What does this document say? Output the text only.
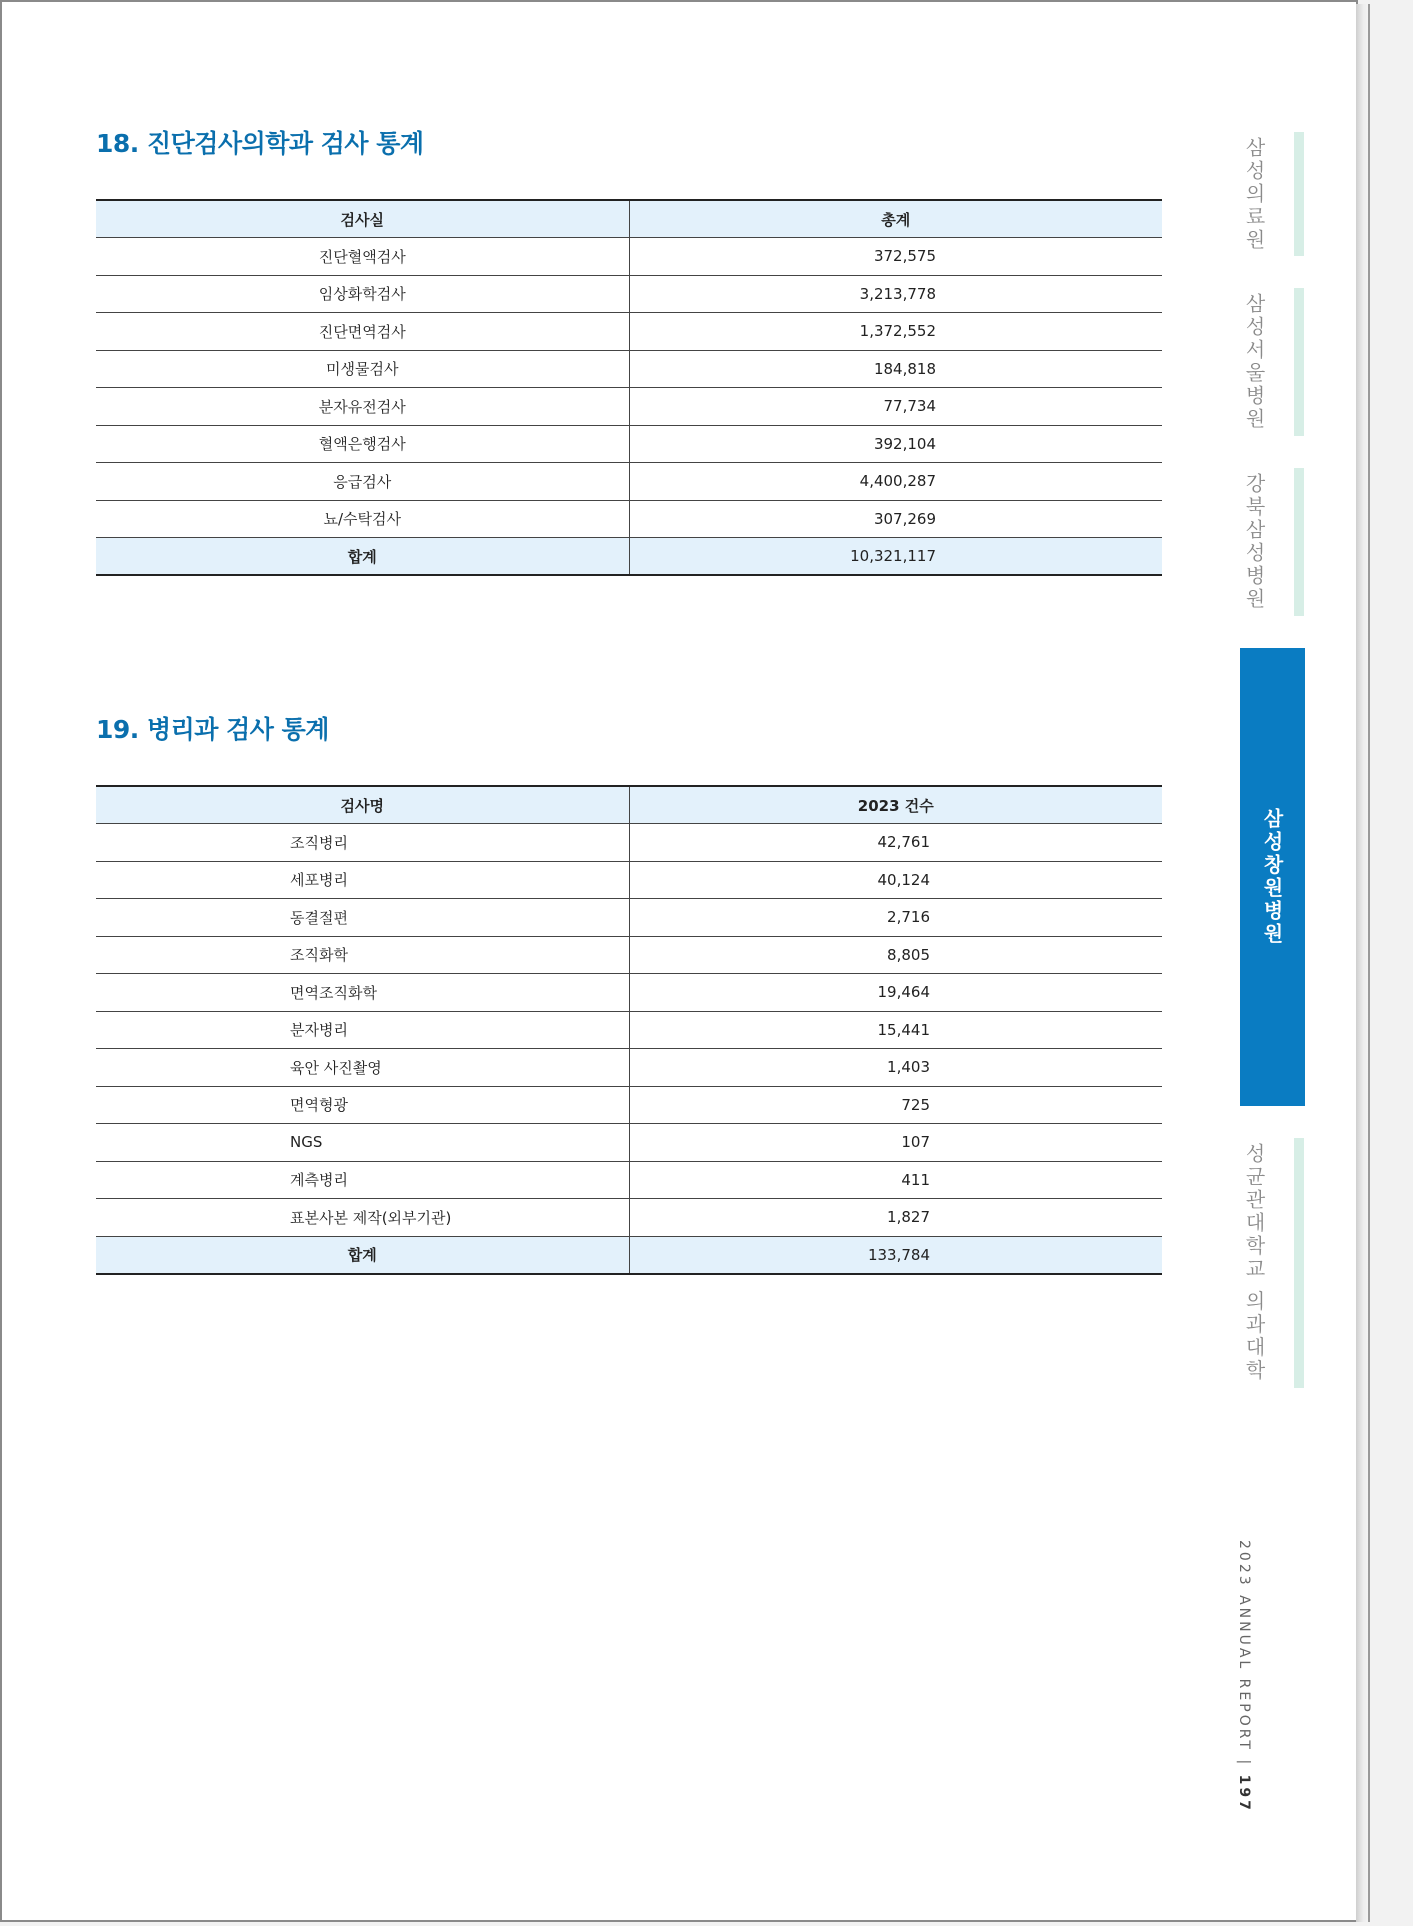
18. 진단검사의학과 검사 통계
검사실	총계
진단혈액검사	372,575
임상화학검사	3,213,778
진단면역검사	1,372,552
미생물검사	184,818
분자유전검사	77,734
혈액은행검사	392,104
응급검사	4,400,287
뇨/수탁검사	307,269
합계	10,321,117
19. 병리과 검사 통계
검사명	2023 건수
조직병리	42,761
세포병리	40,124
동결절편	2,716
조직화학	8,805
면역조직화학	19,464
분자병리	15,441
육안 사진촬영	1,403
면역형광	725
NGS	107
계측병리	411
표본사본 제작(외부기관)	1,827
합계	133,784
삼성의료원
삼성서울병원
강북삼성병원
삼성창원병원
성균관대학교 의과대학
2023 ANNUAL REPORT | 197
